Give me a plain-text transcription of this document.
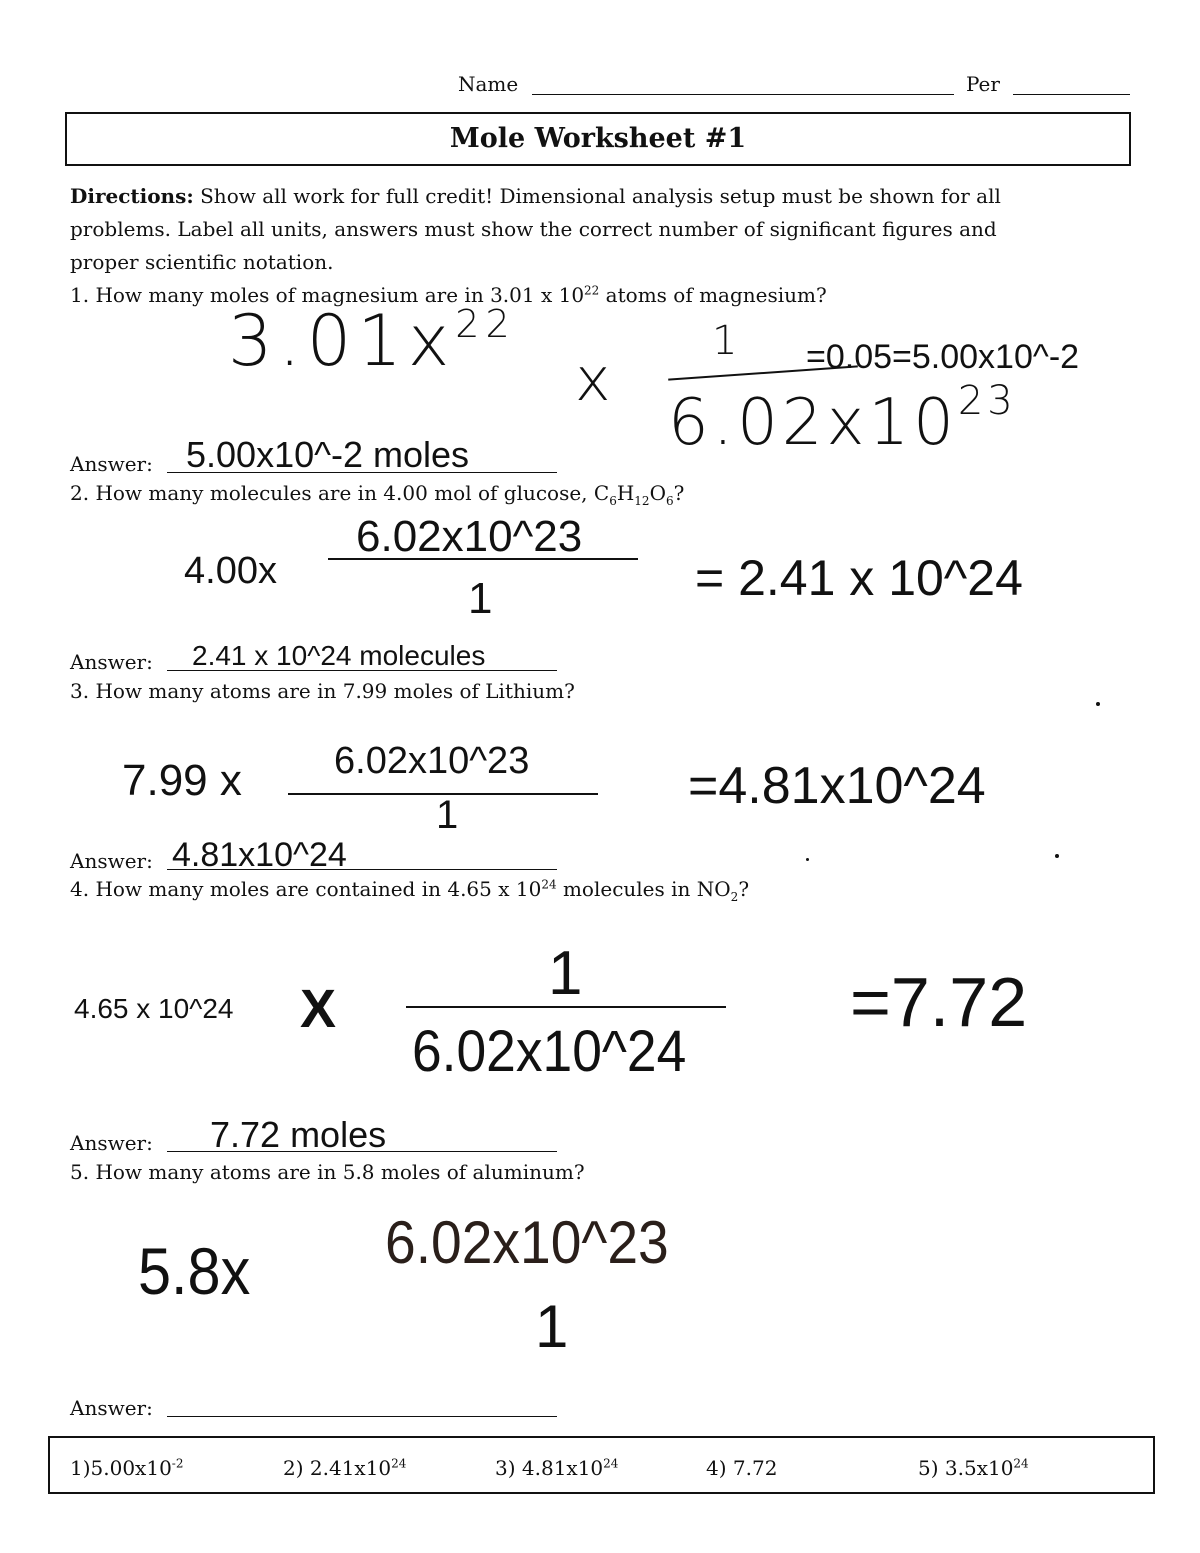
Name	Per
Mole Worksheet #1
Directions: Show all work for full credit! Dimensional analysis setup must be shown for all
problems. Label all units, answers must show the correct number of significant figures and
proper scientific notation.
1. How many moles of magnesium are in 3.01 x $10^{22}$ atoms of magnesium?
$3.01x^{22}$
x
1
$6.02x10^{23}$
=0.05=5.00x10^-2
Answer: 5.00x10^-2 moles
2. How many molecules are in 4.00 mol of glucose, $C_6H_{12}O_6$?
4.00x
6.02x10^23
1	= 2.41 x 10^24
Answer: 2.41 x 10^24 molecules
3. How many atoms are in 7.99 moles of Lithium?
7.99 x 6.02x10^23
1	=4.81x10^24
Answer: 4.81x10^24
4. How many moles are contained in 4.65 x $10^{24}$ molecules in $NO_2$?
4.65 x 10^24 X
1
6.02x10^24
=7.72
Answer: 7.72 moles
5. How many atoms are in 5.8 moles of aluminum?
5.8x 6.02x10^23
1
Answer:
$1)5.00x10^{-2}$	2) $2.41x10^{24}$	3) $4.81x10^{24}$	4) 7.72	5) $3.5x10^{24}$
